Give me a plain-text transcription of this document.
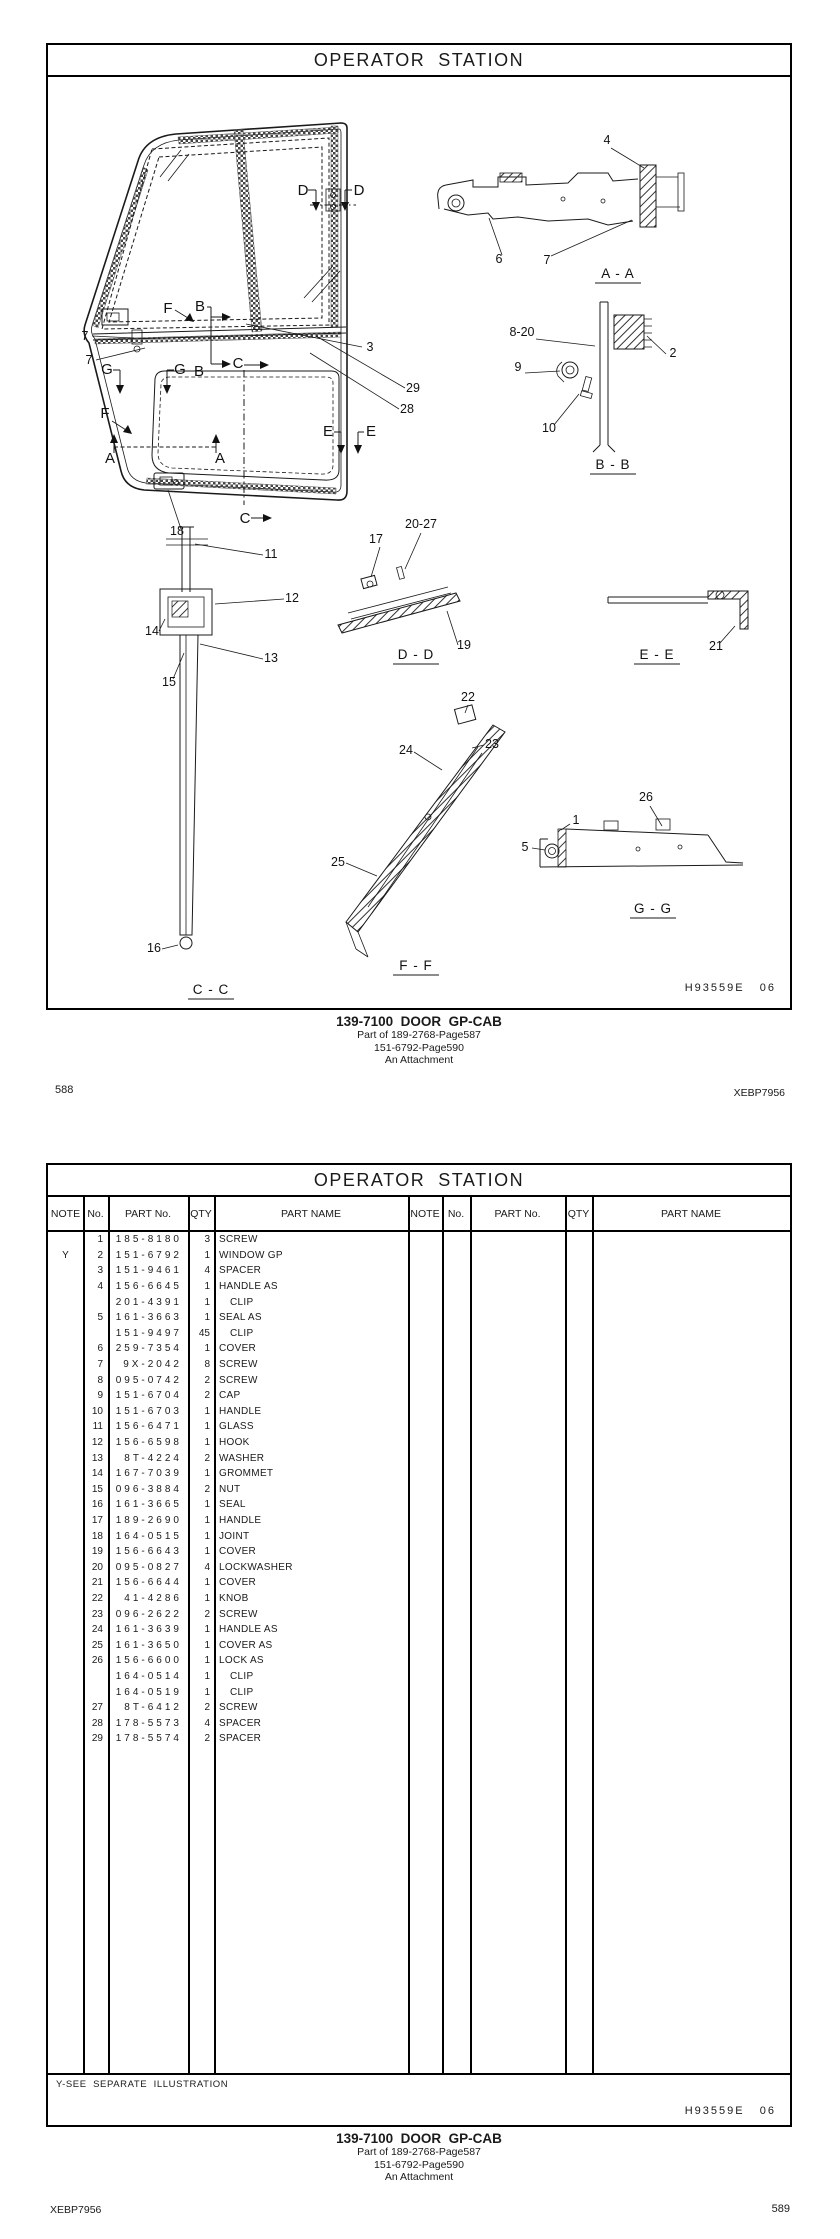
OPERATOR  STATION
D	D
F B
G	G B C
F
A	A
E E
C
7
7
3
29
28
18
4
6	7
A - A
8-20
9
10
2
B - B
11
12
14
13
15
16
C - C
17
20-27
19
D - D
21
E - E
22
23
24
25
F - F
26
1
5
G - G
H93559E   06
139-7100  DOOR  GP-CAB
Part of 189-2768-Page587
151-6792-Page590
An Attachment
588	XEBP7956
OPERATOR  STATION
NOTE No.	PART No.	QTY	PART NAME	NOTE No.	PART No.	QTY	PART NAME
1	185-8180	3 SCREW
Y	2	151-6792	1 WINDOW GP
3	151-9461	4 SPACER
4	156-6645	1 HANDLE AS
201-4391	1	CLIP
5	161-3663	1 SEAL AS
151-9497	45	CLIP
6	259-7354	1 COVER
7	9X-2042	8 SCREW
8	095-0742	2 SCREW
9	151-6704	2 CAP
10	151-6703	1 HANDLE
11	156-6471	1 GLASS
12	156-6598	1 HOOK
13	8T-4224	2 WASHER
14	167-7039	1 GROMMET
15	096-3884	2 NUT
16	161-3665	1 SEAL
17	189-2690	1 HANDLE
18	164-0515	1 JOINT
19	156-6643	1 COVER
20	095-0827	4 LOCKWASHER
21	156-6644	1 COVER
22	41-4286	1 KNOB
23	096-2622	2 SCREW
24	161-3639	1 HANDLE AS
25	161-3650	1 COVER AS
26	156-6600	1 LOCK AS
164-0514	1	CLIP
164-0519	1	CLIP
27	8T-6412	2 SCREW
28	178-5573	4 SPACER
29	178-5574	2 SPACER
Y-SEE  SEPARATE  ILLUSTRATION
H93559E   06
139-7100  DOOR  GP-CAB
Part of 189-2768-Page587
151-6792-Page590
An Attachment
XEBP7956	589
